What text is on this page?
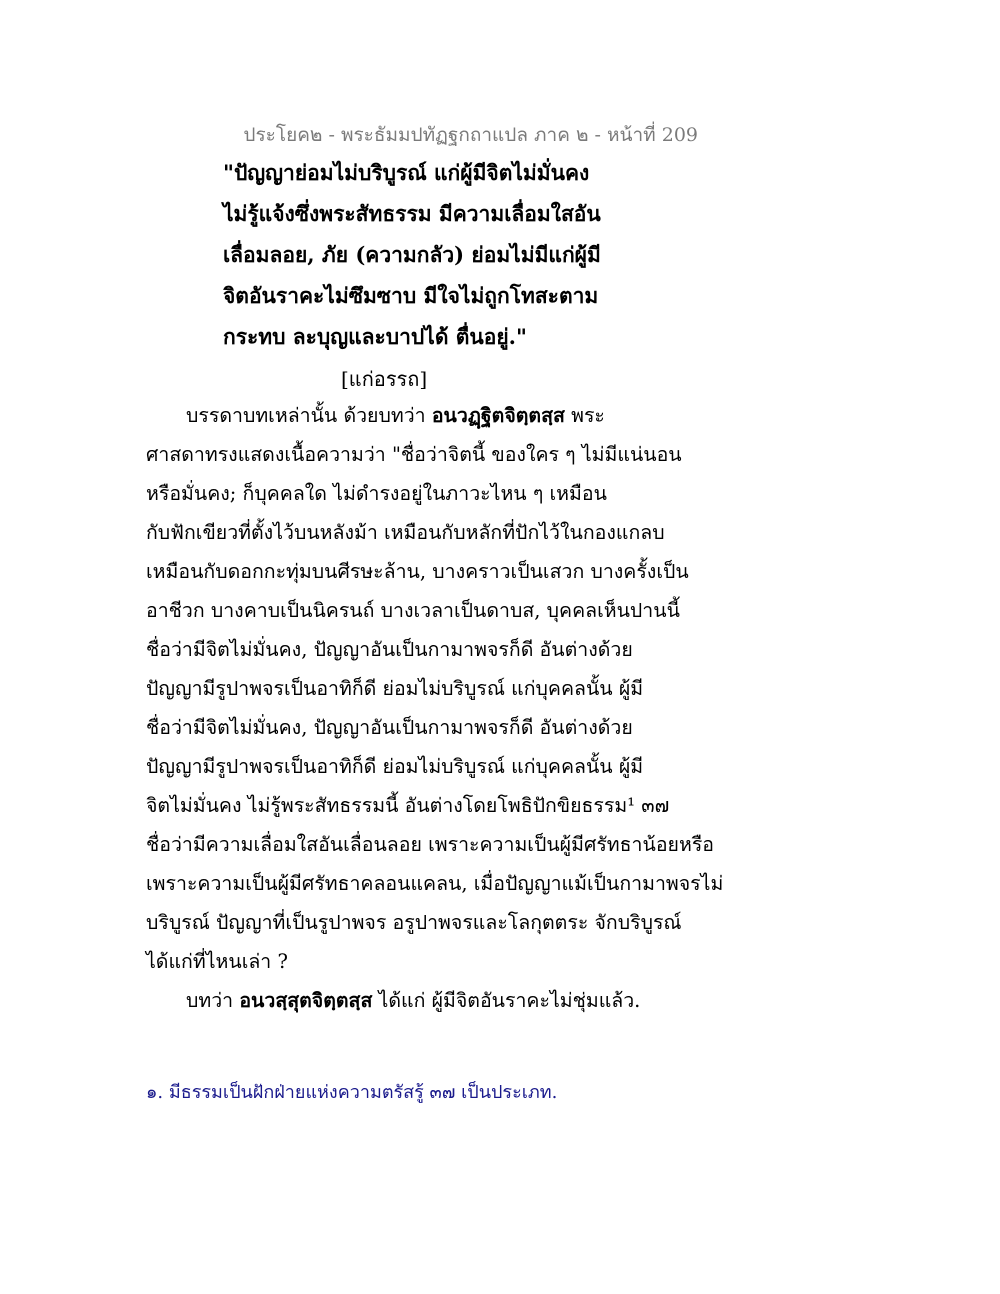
ประโยค๒ - พระธัมมปทัฏฐกถาแปล ภาค ๒ - หน้าที่ 209
"ปัญญาย่อมไม่บริบูรณ์ แก่ผู้มีจิตไม่มั่นคง
ไม่รู้แจ้งซึ่งพระสัทธรรม มีความเลื่อมใสอัน
เลื่อมลอย, ภัย (ความกลัว) ย่อมไม่มีแก่ผู้มี
จิตอันราคะไม่ซึมซาบ มีใจไม่ถูกโทสะตาม
กระทบ ละบุญและบาปได้ ตื่นอยู่."
[แก่อรรถ]
บรรดาบทเหล่านั้น ด้วยบทว่า อนวฏฺฐิตจิตฺตสฺส พระ
ศาสดาทรงแสดงเนื้อความว่า "ชื่อว่าจิตนี้ ของใคร ๆ ไม่มีแน่นอน
หรือมั่นคง; ก็บุคคลใด ไม่ดำรงอยู่ในภาวะไหน ๆ เหมือน
กับฟักเขียวที่ตั้งไว้บนหลังม้า เหมือนกับหลักที่ปักไว้ในกองแกลบ
เหมือนกับดอกกะทุ่มบนศีรษะล้าน, บางคราวเป็นเสวก บางครั้งเป็น
อาชีวก บางคาบเป็นนิครนถ์ บางเวลาเป็นดาบส, บุคคลเห็นปานนี้
ชื่อว่ามีจิตไม่มั่นคง, ปัญญาอันเป็นกามาพจรก็ดี อันต่างด้วย
ปัญญามีรูปาพจรเป็นอาทิก็ดี ย่อมไม่บริบูรณ์ แก่บุคคลนั้น ผู้มี
ชื่อว่ามีจิตไม่มั่นคง, ปัญญาอันเป็นกามาพจรก็ดี อันต่างด้วย
ปัญญามีรูปาพจรเป็นอาทิก็ดี ย่อมไม่บริบูรณ์ แก่บุคคลนั้น ผู้มี
จิตไม่มั่นคง ไม่รู้พระสัทธรรมนี้ อันต่างโดยโพธิปักขิยธรรม¹ ๓๗
ชื่อว่ามีความเลื่อมใสอันเลื่อนลอย เพราะความเป็นผู้มีศรัทธาน้อยหรือ
เพราะความเป็นผู้มีศรัทธาคลอนแคลน, เมื่อปัญญาแม้เป็นกามาพจรไม่
บริบูรณ์ ปัญญาที่เป็นรูปาพจร อรูปาพจรและโลกุตตระ จักบริบูรณ์
ได้แก่ที่ไหนเล่า ?
บทว่า อนวสฺสุตจิตฺตสฺส ได้แก่ ผู้มีจิตอันราคะไม่ชุ่มแล้ว.
๑. มีธรรมเป็นฝักฝ่ายแห่งความตรัสรู้ ๓๗ เป็นประเภท.
